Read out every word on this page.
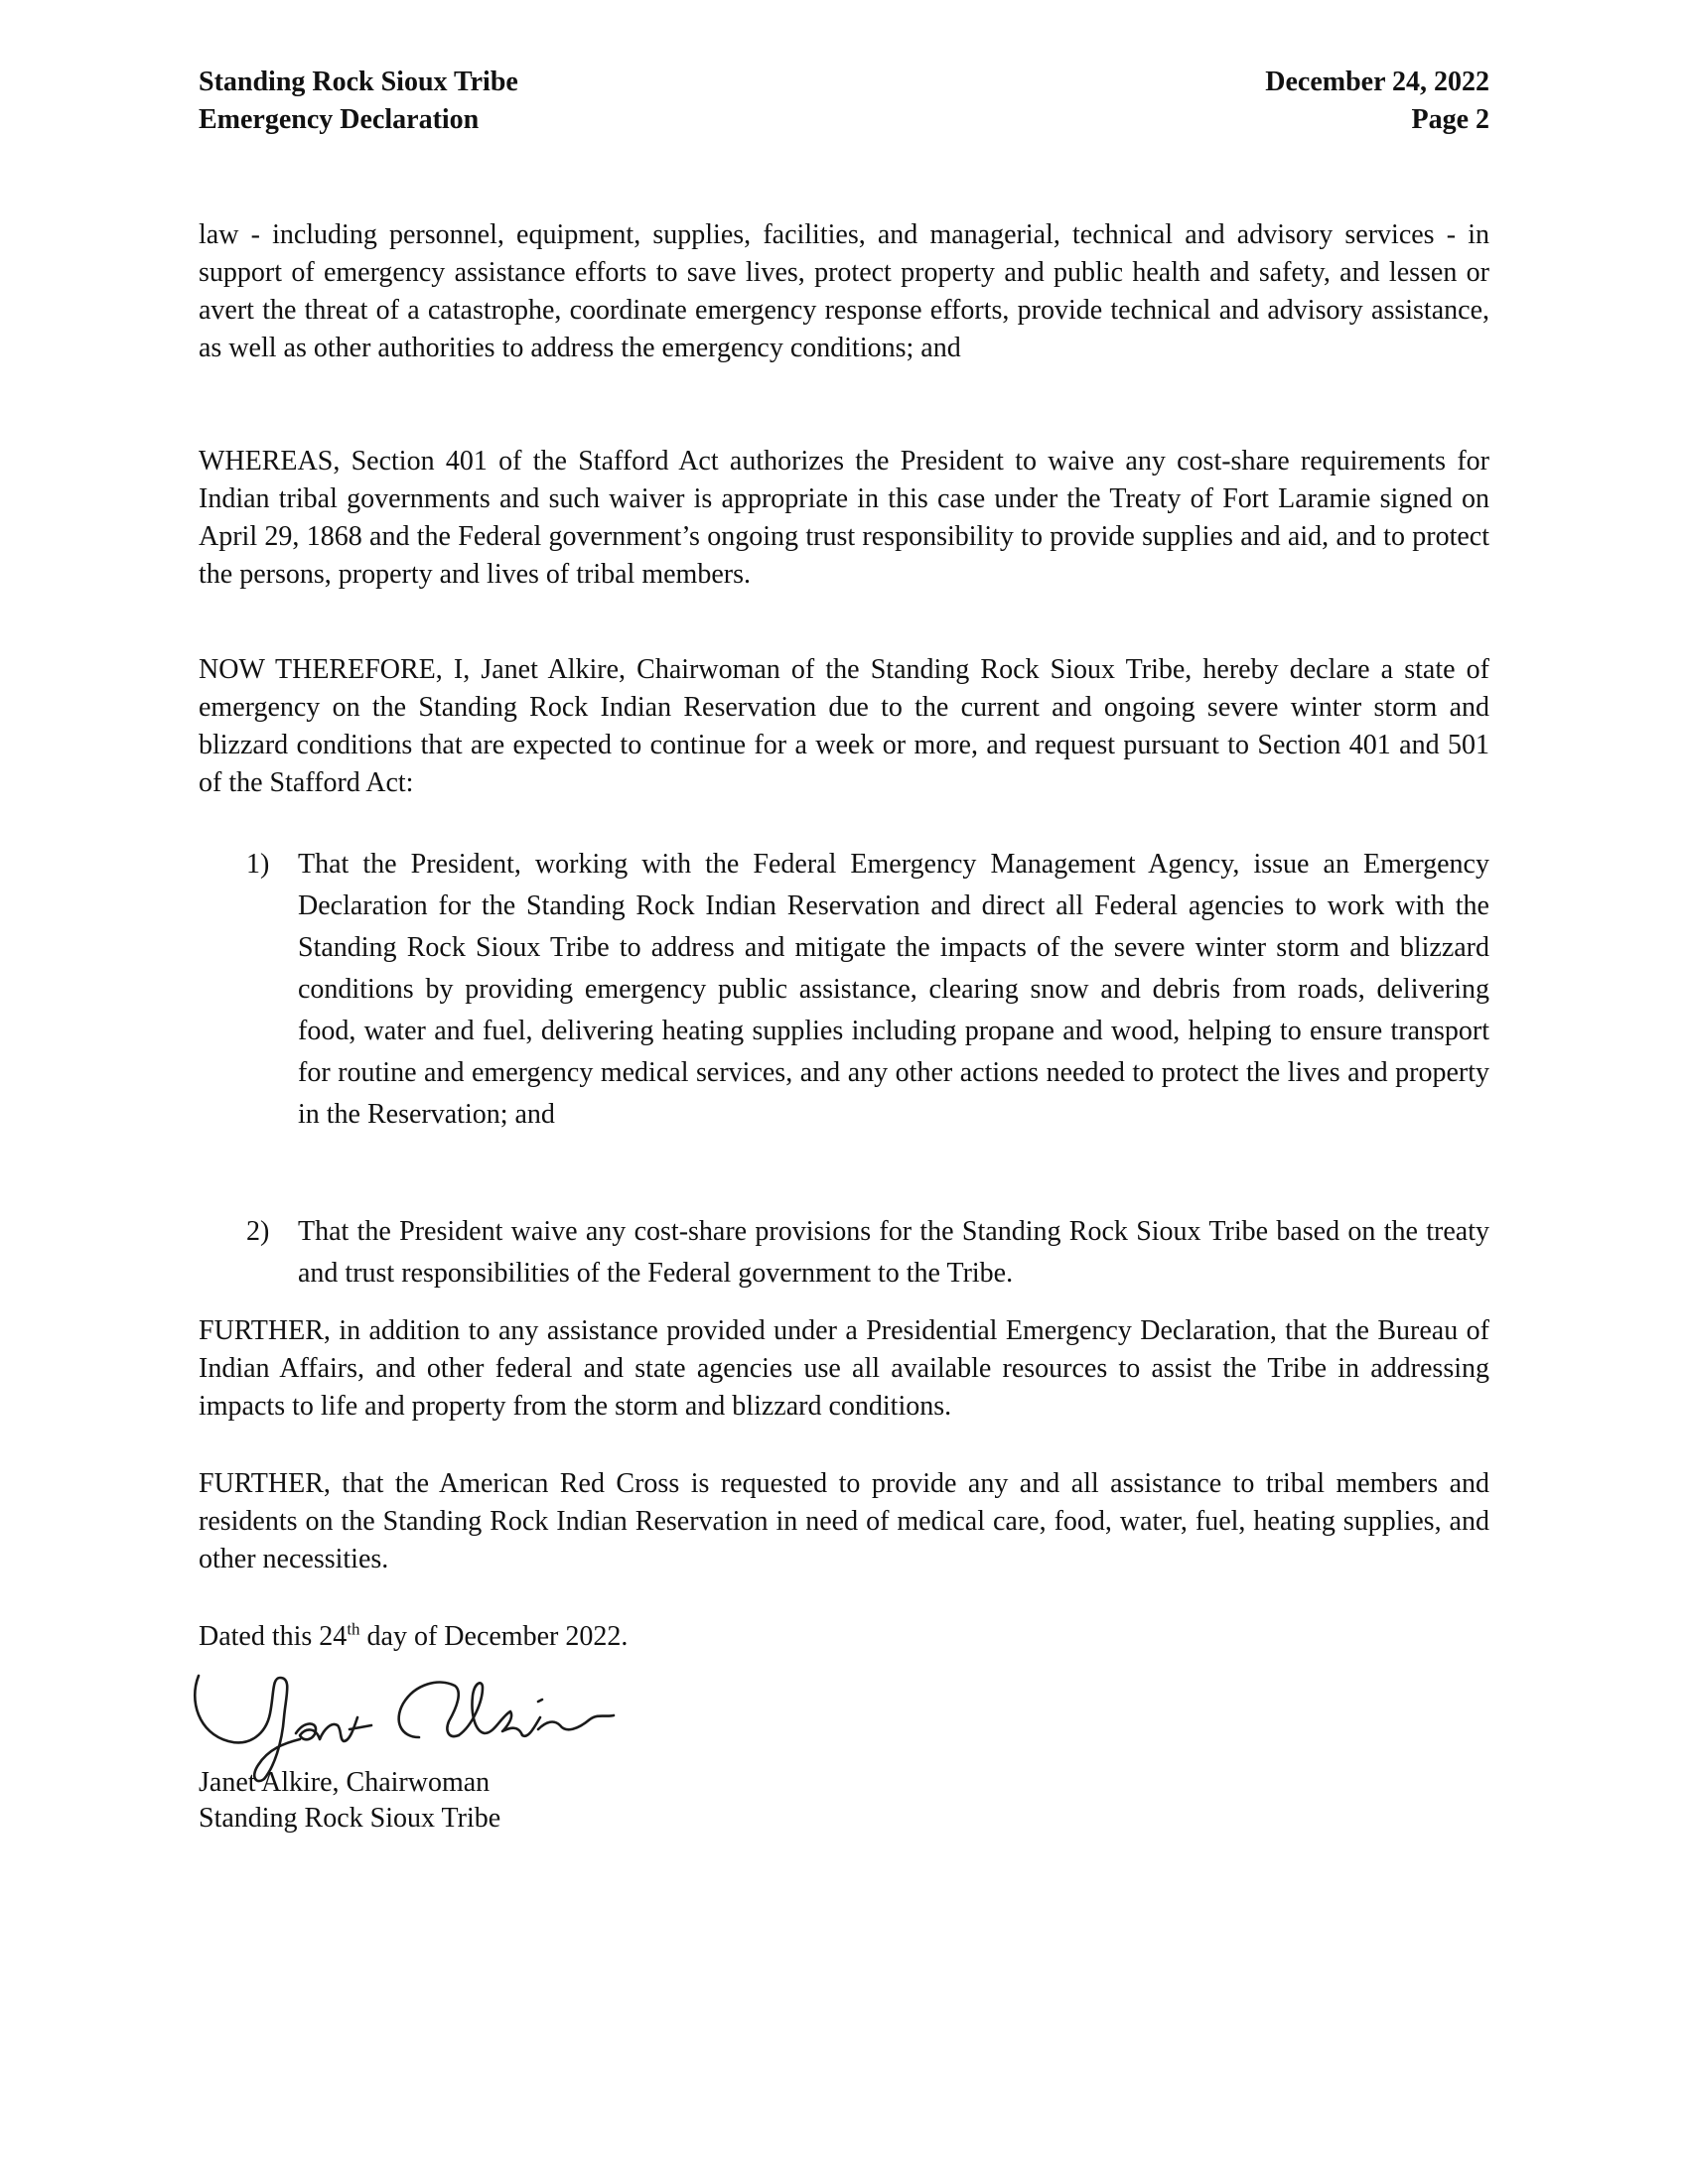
Standing Rock Sioux Tribe
Emergency Declaration
December 24, 2022
Page 2

law - including personnel, equipment, supplies, facilities, and managerial, technical and advisory services - in support of emergency assistance efforts to save lives, protect property and public health and safety, and lessen or avert the threat of a catastrophe, coordinate emergency response efforts, provide technical and advisory assistance, as well as other authorities to address the emergency conditions; and

WHEREAS, Section 401 of the Stafford Act authorizes the President to waive any cost-share requirements for Indian tribal governments and such waiver is appropriate in this case under the Treaty of Fort Laramie signed on April 29, 1868 and the Federal government’s ongoing trust responsibility to provide supplies and aid, and to protect the persons, property and lives of tribal members.

NOW THEREFORE, I, Janet Alkire, Chairwoman of the Standing Rock Sioux Tribe, hereby declare a state of emergency on the Standing Rock Indian Reservation due to the current and ongoing severe winter storm and blizzard conditions that are expected to continue for a week or more, and request pursuant to Section 401 and 501 of the Stafford Act:

1)	That the President, working with the Federal Emergency Management Agency, issue an Emergency Declaration for the Standing Rock Indian Reservation and direct all Federal agencies to work with the Standing Rock Sioux Tribe to address and mitigate the impacts of the severe winter storm and blizzard conditions by providing emergency public assistance, clearing snow and debris from roads, delivering food, water and fuel, delivering heating supplies including propane and wood, helping to ensure transport for routine and emergency medical services, and any other actions needed to protect the lives and property in the Reservation; and
2)	That the President waive any cost-share provisions for the Standing Rock Sioux Tribe based on the treaty and trust responsibilities of the Federal government to the Tribe.

FURTHER, in addition to any assistance provided under a Presidential Emergency Declaration, that the Bureau of Indian Affairs, and other federal and state agencies use all available resources to assist the Tribe in addressing impacts to life and property from the storm and blizzard conditions.

FURTHER, that the American Red Cross is requested to provide any and all assistance to tribal members and residents on the Standing Rock Indian Reservation in need of medical care, food, water, fuel, heating supplies, and other necessities.

Dated this 24th day of December 2022.
Janet Alkire, Chairwoman
Standing Rock Sioux Tribe
